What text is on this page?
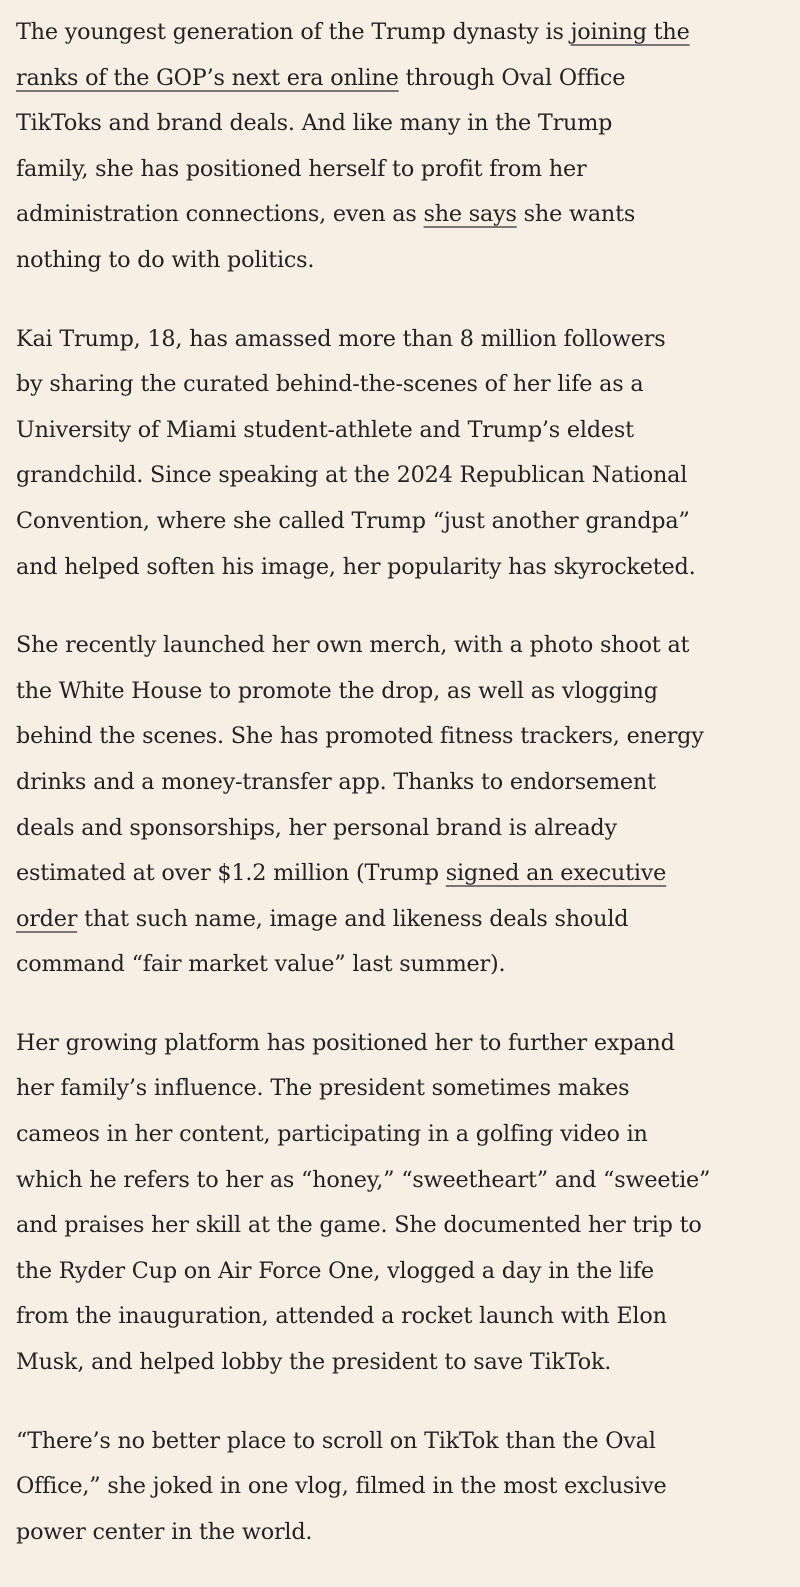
The youngest generation of the Trump dynasty is joining the
ranks of the GOP’s next era online through Oval Office
TikToks and brand deals. And like many in the Trump
family, she has positioned herself to profit from her
administration connections, even as she says she wants
nothing to do with politics.

Kai Trump, 18, has amassed more than 8 million followers
by sharing the curated behind-the-scenes of her life as a
University of Miami student-athlete and Trump’s eldest
grandchild. Since speaking at the 2024 Republican National
Convention, where she called Trump “just another grandpa”
and helped soften his image, her popularity has skyrocketed.

She recently launched her own merch, with a photo shoot at
the White House to promote the drop, as well as vlogging
behind the scenes. She has promoted fitness trackers, energy
drinks and a money-transfer app. Thanks to endorsement
deals and sponsorships, her personal brand is already
estimated at over $1.2 million (Trump signed an executive
order that such name, image and likeness deals should
command “fair market value” last summer).

Her growing platform has positioned her to further expand
her family’s influence. The president sometimes makes
cameos in her content, participating in a golfing video in
which he refers to her as “honey,” “sweetheart” and “sweetie”
and praises her skill at the game. She documented her trip to
the Ryder Cup on Air Force One, vlogged a day in the life
from the inauguration, attended a rocket launch with Elon
Musk, and helped lobby the president to save TikTok.

“There’s no better place to scroll on TikTok than the Oval
Office,” she joked in one vlog, filmed in the most exclusive
power center in the world.
